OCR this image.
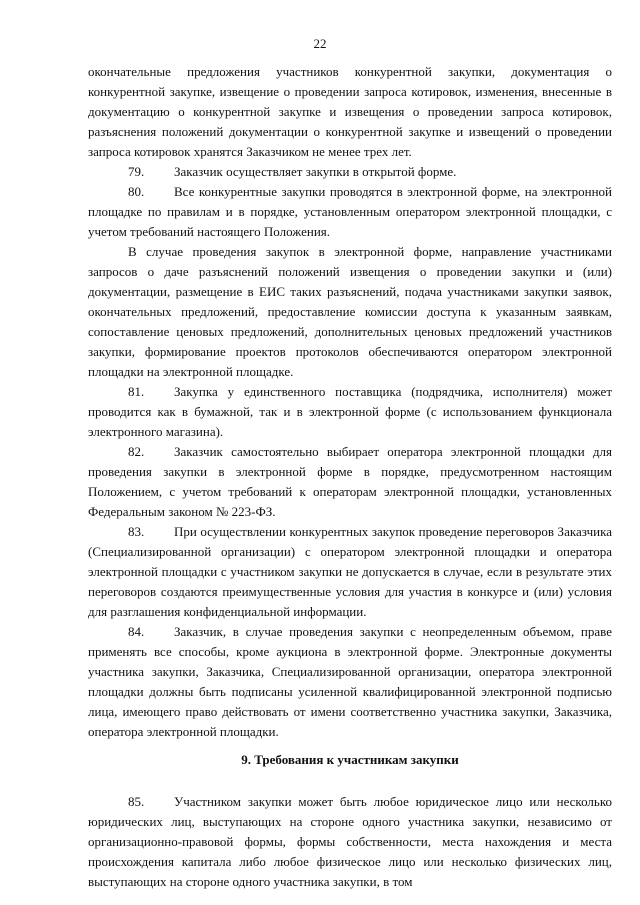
22

окончательные предложения участников конкурентной закупки, документация о конкурентной закупке, извещение о проведении запроса котировок, изменения, внесенные в документацию о конкурентной закупке и извещения о проведении запроса котировок, разъяснения положений документации о конкурентной закупке и извещений о проведении запроса котировок хранятся Заказчиком не менее трех лет.

79. Заказчик осуществляет закупки в открытой форме.

80. Все конкурентные закупки проводятся в электронной форме, на электронной площадке по правилам и в порядке, установленным оператором электронной площадки, с учетом требований настоящего Положения.

В случае проведения закупок в электронной форме, направление участниками запросов о даче разъяснений положений извещения о проведении закупки и (или) документации, размещение в ЕИС таких разъяснений, подача участниками закупки заявок, окончательных предложений, предоставление комиссии доступа к указанным заявкам, сопоставление ценовых предложений, дополнительных ценовых предложений участников закупки, формирование проектов протоколов обеспечиваются оператором электронной площадки на электронной площадке.

81. Закупка у единственного поставщика (подрядчика, исполнителя) может проводится как в бумажной, так и в электронной форме (с использованием функционала электронного магазина).

82. Заказчик самостоятельно выбирает оператора электронной площадки для проведения закупки в электронной форме в порядке, предусмотренном настоящим Положением, с учетом требований к операторам электронной площадки, установленных Федеральным законом № 223-ФЗ.

83. При осуществлении конкурентных закупок проведение переговоров Заказчика (Специализированной организации) с оператором электронной площадки и оператора электронной площадки с участником закупки не допускается в случае, если в результате этих переговоров создаются преимущественные условия для участия в конкурсе и (или) условия для разглашения конфиденциальной информации.

84. Заказчик, в случае проведения закупки с неопределенным объемом, праве применять все способы, кроме аукциона в электронной форме. Электронные документы участника закупки, Заказчика, Специализированной организации, оператора электронной площадки должны быть подписаны усиленной квалифицированной электронной подписью лица, имеющего право действовать от имени соответственно участника закупки, Заказчика, оператора электронной площадки.

9. Требования к участникам закупки

85. Участником закупки может быть любое юридическое лицо или несколько юридических лиц, выступающих на стороне одного участника закупки, независимо от организационно-правовой формы, формы собственности, места нахождения и места происхождения капитала либо любое физическое лицо или несколько физических лиц, выступающих на стороне одного участника закупки, в том
